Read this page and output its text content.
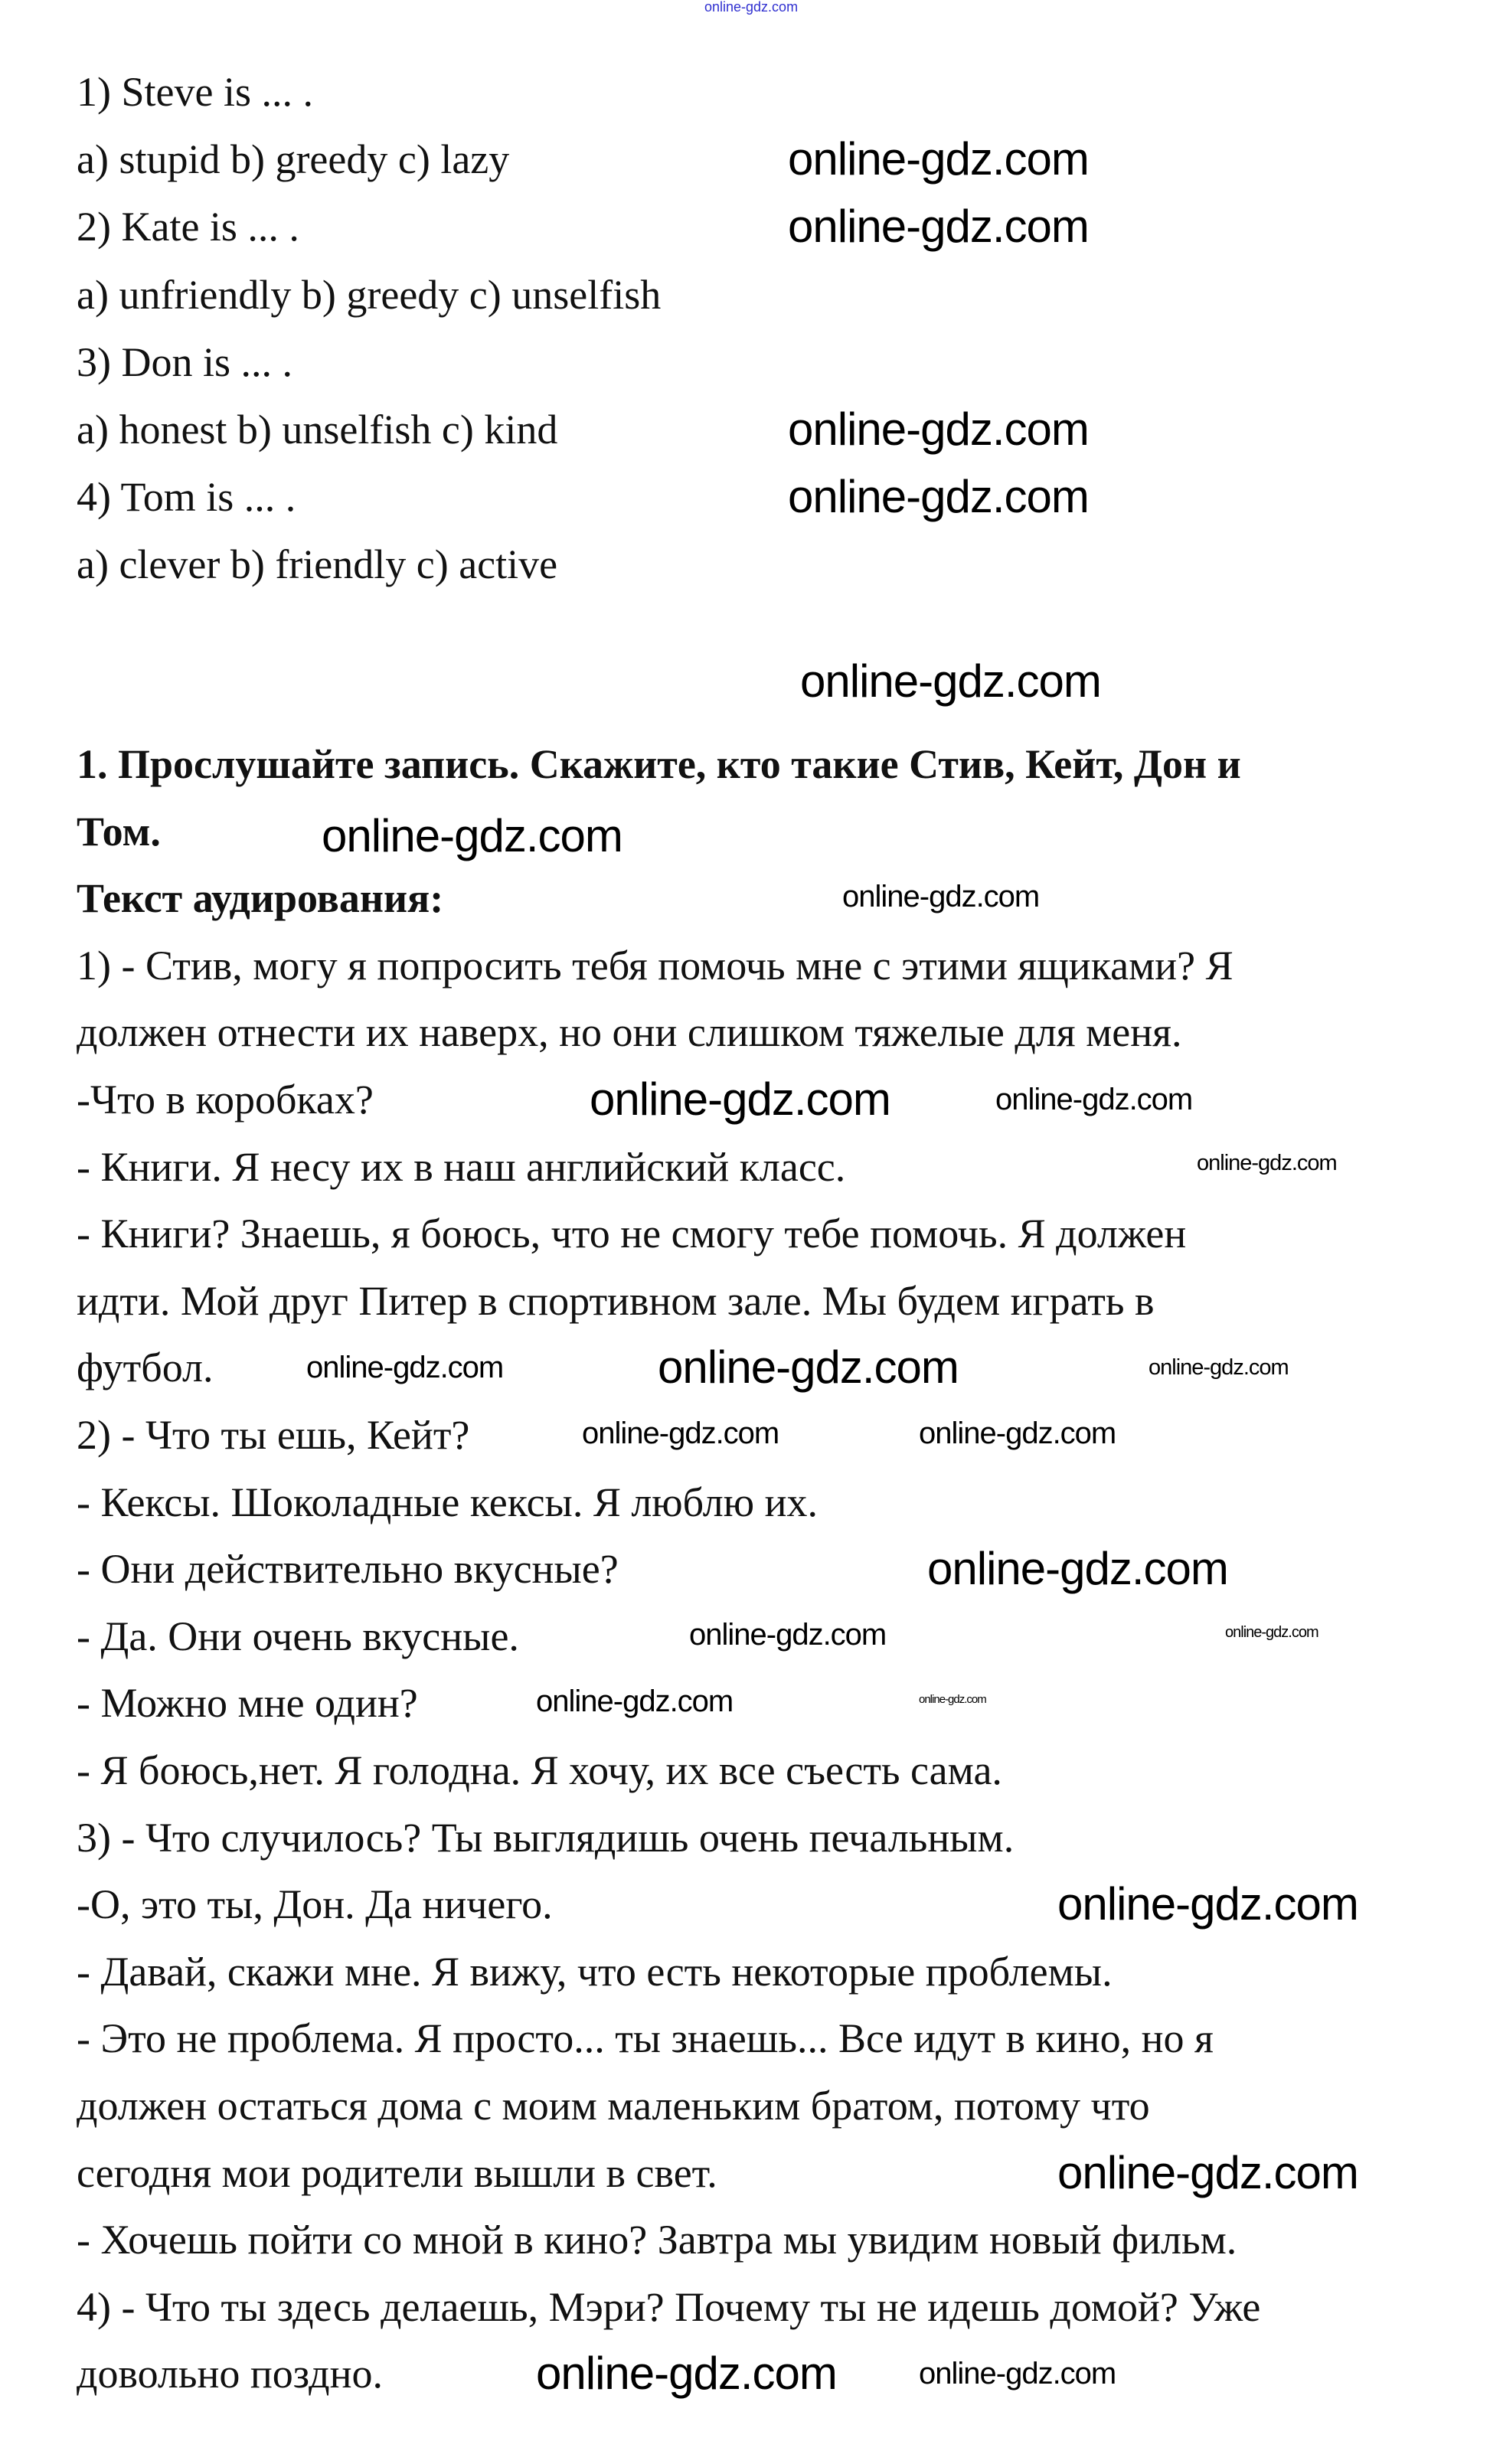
1) Steve is ... .
a) stupid b) greedy c) lazy
2) Kate is ... .
a) unfriendly b) greedy c) unselfish
3) Don is ... .
a) honest b) unselfish c) kind
4) Tom is ... .
a) clever b) friendly c) active
1. Прослушайте запись. Скажите, кто такие Стив, Кейт, Дон и
Том.
Текст аудирования:
1) - Стив, могу я попросить тебя помочь мне с этими ящиками? Я
должен отнести их наверх, но они слишком тяжелые для меня.
-Что в коробках?
- Книги. Я несу их в наш английский класс.
- Книги? Знаешь, я боюсь, что не смогу тебе помочь. Я должен
идти. Мой друг Питер в спортивном зале. Мы будем играть в
футбол.
2) - Что ты ешь, Кейт?
- Кексы. Шоколадные кексы. Я люблю их.
- Они действительно вкусные?
- Да. Они очень вкусные.
- Можно мне один?
- Я боюсь,нет. Я голодна. Я хочу, их все съесть сама.
3) - Что случилось? Ты выглядишь очень печальным.
-О, это ты, Дон. Да ничего.
- Давай, скажи мне. Я вижу, что есть некоторые проблемы.
- Это не проблема. Я просто... ты знаешь... Все идут в кино, но я
должен остаться дома с моим маленьким братом, потому что
сегодня мои родители вышли в свет.
- Хочешь пойти со мной в кино? Завтра мы увидим новый фильм.
4) - Что ты здесь делаешь, Мэри? Почему ты не идешь домой? Уже
довольно поздно.
online-gdz.com
online-gdz.com
online-gdz.com
online-gdz.com
online-gdz.com
online-gdz.com
online-gdz.com
online-gdz.com
online-gdz.com	online-gdz.com
online-gdz.com
online-gdz.com	online-gdz.com	online-gdz.com
online-gdz.com	online-gdz.com
online-gdz.com
online-gdz.com	online-gdz.com
online-gdz.com	online-gdz.com
online-gdz.com
online-gdz.com
online-gdz.com	online-gdz.com
